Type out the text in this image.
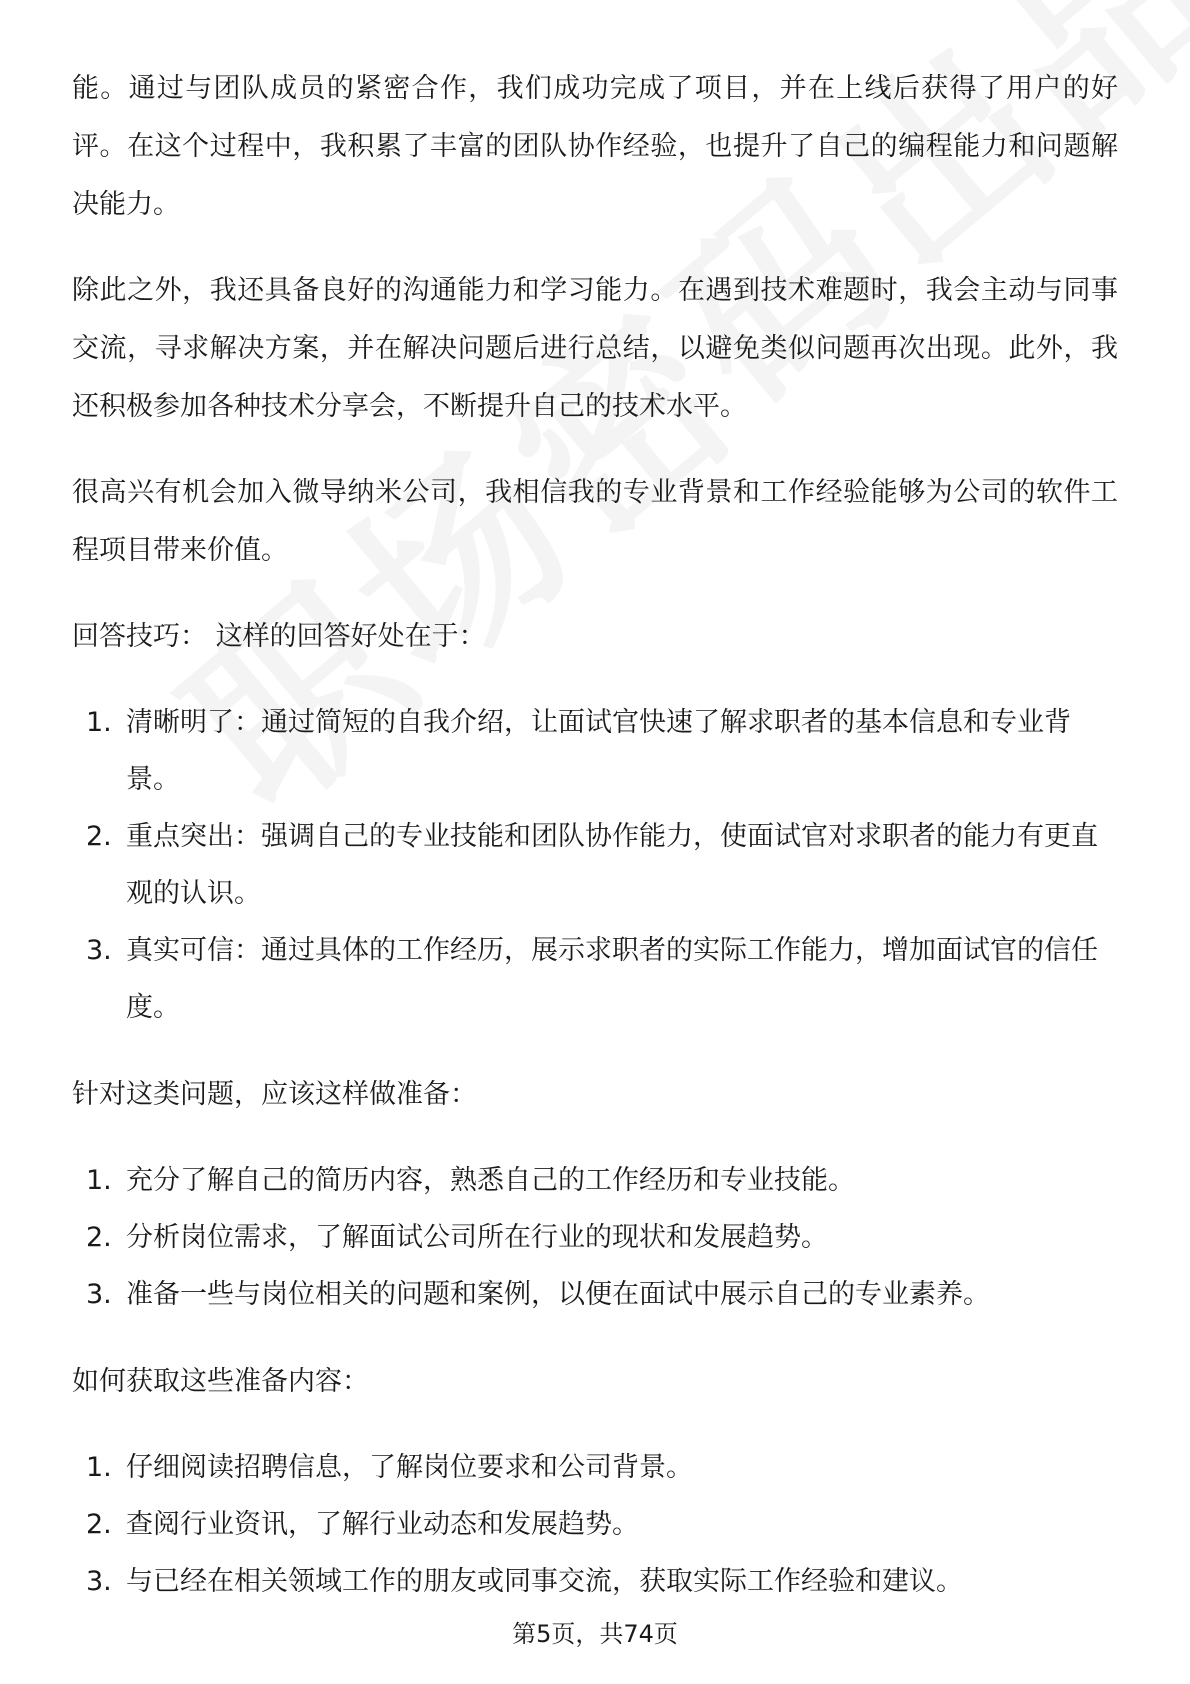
能。通过与团队成员的紧密合作，我们成功完成了项目，并在上线后获得了用户的好评。在这个过程中，我积累了丰富的团队协作经验，也提升了自己的编程能力和问题解决能力。

除此之外，我还具备良好的沟通能力和学习能力。在遇到技术难题时，我会主动与同事交流，寻求解决方案，并在解决问题后进行总结，以避免类似问题再次出现。此外，我还积极参加各种技术分享会，不断提升自己的技术水平。

很高兴有机会加入微导纳米公司，我相信我的专业背景和工作经验能够为公司的软件工程项目带来价值。

回答技巧： 这样的回答好处在于：

1. 清晰明了：通过简短的自我介绍，让面试官快速了解求职者的基本信息和专业背景。
2. 重点突出：强调自己的专业技能和团队协作能力，使面试官对求职者的能力有更直观的认识。
3. 真实可信：通过具体的工作经历，展示求职者的实际工作能力，增加面试官的信任度。

针对这类问题，应该这样做准备：

1. 充分了解自己的简历内容，熟悉自己的工作经历和专业技能。
2. 分析岗位需求，了解面试公司所在行业的现状和发展趋势。
3. 准备一些与岗位相关的问题和案例，以便在面试中展示自己的专业素养。

如何获取这些准备内容：

1. 仔细阅读招聘信息，了解岗位要求和公司背景。
2. 查阅行业资讯，了解行业动态和发展趋势。
3. 与已经在相关领域工作的朋友或同事交流，获取实际工作经验和建议。
第5页，共74页
